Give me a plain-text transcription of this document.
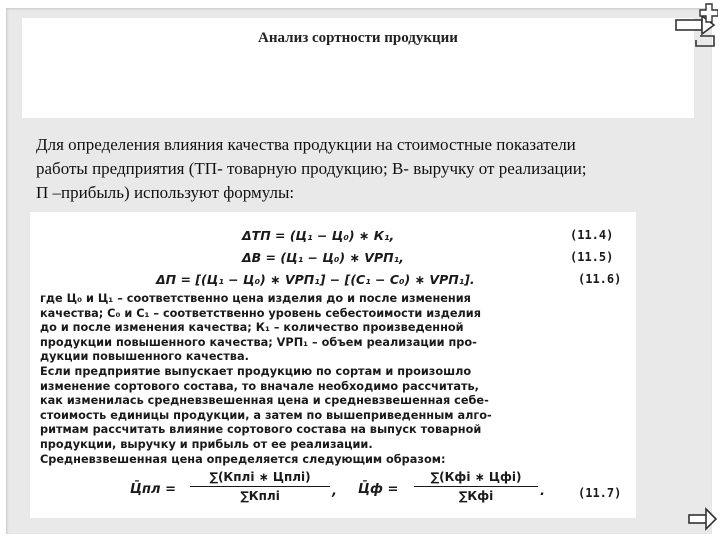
Анализ сортности продукции
Для определения влияния качества продукции на стоимостные показатели
работы предприятия (ТП- товарную продукцию; В- выручку от реализации;
П –прибыль) используют формулы:
ΔТП = (Ц₁ − Ц₀) ∗ К₁,	(11.4)
ΔВ = (Ц₁ − Ц₀) ∗ VРП₁,	(11.5)
ΔП = [(Ц₁ − Ц₀) ∗ VРП₁] − [(С₁ − С₀) ∗ VРП₁].	(11.6)
где Ц₀ и Ц₁ – соответственно цена изделия до и после изменения
качества; С₀ и С₁ – соответственно уровень себестоимости изделия
до и после изменения качества; К₁ – количество произведенной
продукции повышенного качества; VРП₁ – объем реализации про-
дукции повышенного качества.
Если предприятие выпускает продукцию по сортам и произошло
изменение сортового состава, то вначале необходимо рассчитать,
как изменилась средневзвешенная цена и средневзвешенная себе-
стоимость единицы продукции, а затем по вышеприведенным алго-
ритмам рассчитать влияние сортового состава на выпуск товарной
продукции, выручку и прибыль от ее реализации.
Средневзвешенная цена определяется следующим образом:
Ц̄пл =
∑(Кплi ∗ Цплi)
∑Кплi	, Ц̄ф =
∑(Кфi ∗ Цфi)
∑Кфi	.	(11.7)
